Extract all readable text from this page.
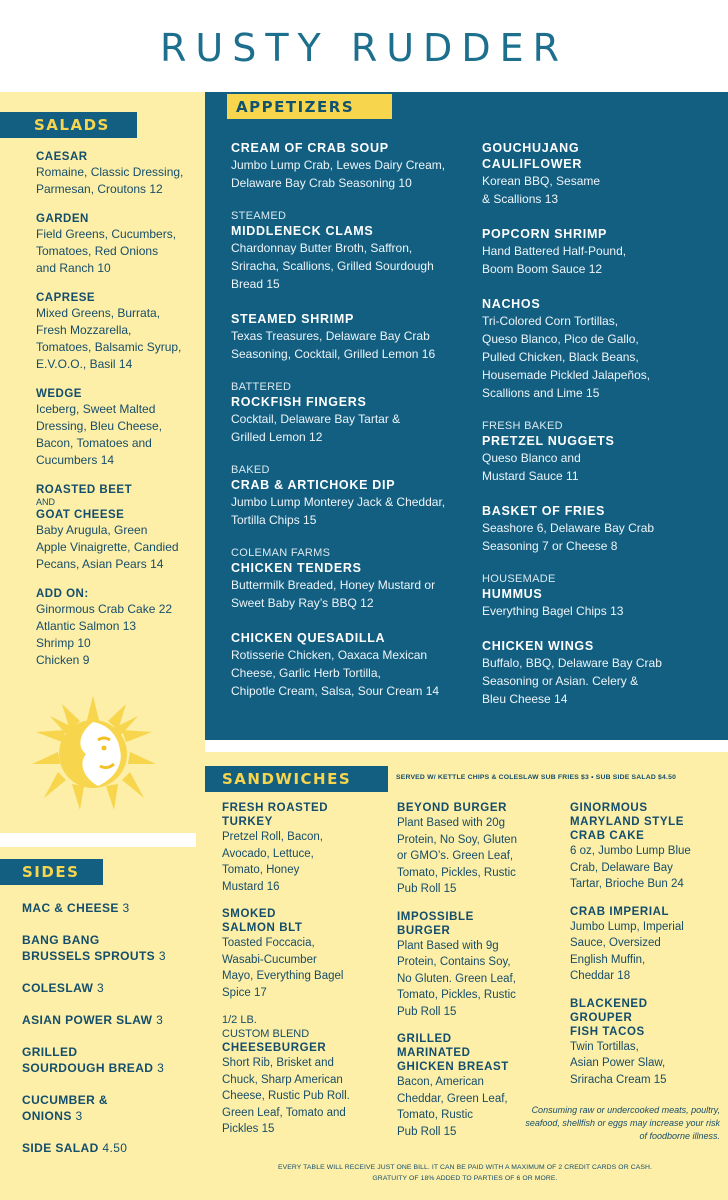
RUSTY RUDDER
SALADS
CAESAR
Romaine, Classic Dressing,
Parmesan, Croutons 12
GARDEN
Field Greens, Cucumbers,
Tomatoes, Red Onions
and Ranch 10
CAPRESE
Mixed Greens, Burrata,
Fresh Mozzarella,
Tomatoes, Balsamic Syrup,
E.V.O.O., Basil 14
WEDGE
Iceberg, Sweet Malted
Dressing, Bleu Cheese,
Bacon, Tomatoes and
Cucumbers 14
ROASTED BEET
AND
GOAT CHEESE
Baby Arugula, Green
Apple Vinaigrette, Candied
Pecans, Asian Pears 14
ADD ON:
Ginormous Crab Cake 22
Atlantic Salmon 13
Shrimp 10
Chicken 9
SIDES
MAC & CHEESE 3
BANG BANG
BRUSSELS SPROUTS 3
COLESLAW 3
ASIAN POWER SLAW 3
GRILLED
SOURDOUGH BREAD 3
CUCUMBER &
ONIONS 3
SIDE SALAD 4.50
APPETIZERS
CREAM OF CRAB SOUP
Jumbo Lump Crab, Lewes Dairy Cream,
Delaware Bay Crab Seasoning 10
STEAMED
MIDDLENECK CLAMS
Chardonnay Butter Broth, Saffron,
Sriracha, Scallions, Grilled Sourdough
Bread 15
STEAMED SHRIMP
Texas Treasures, Delaware Bay Crab
Seasoning, Cocktail, Grilled Lemon 16
BATTERED
ROCKFISH FINGERS
Cocktail, Delaware Bay Tartar &
Grilled Lemon 12
BAKED
CRAB & ARTICHOKE DIP
Jumbo Lump Monterey Jack & Cheddar,
Tortilla Chips 15
COLEMAN FARMS
CHICKEN TENDERS
Buttermilk Breaded, Honey Mustard or
Sweet Baby Ray’s BBQ 12
CHICKEN QUESADILLA
Rotisserie Chicken, Oaxaca Mexican
Cheese, Garlic Herb Tortilla,
Chipotle Cream, Salsa, Sour Cream 14
GOUCHUJANG
CAULIFLOWER
Korean BBQ, Sesame
& Scallions 13
POPCORN SHRIMP
Hand Battered Half-Pound,
Boom Boom Sauce 12
NACHOS
Tri-Colored Corn Tortillas,
Queso Blanco, Pico de Gallo,
Pulled Chicken, Black Beans,
Housemade Pickled Jalapeños,
Scallions and Lime 15
FRESH BAKED
PRETZEL NUGGETS
Queso Blanco and
Mustard Sauce 11
BASKET OF FRIES
Seashore 6, Delaware Bay Crab
Seasoning 7 or Cheese 8
HOUSEMADE
HUMMUS
Everything Bagel Chips 13
CHICKEN WINGS
Buffalo, BBQ, Delaware Bay Crab
Seasoning or Asian. Celery &
Bleu Cheese 14
SANDWICHES	SERVED W/ KETTLE CHIPS & COLESLAW SUB FRIES $3 • SUB SIDE SALAD $4.50
FRESH ROASTED
TURKEY
Pretzel Roll, Bacon,
Avocado, Lettuce,
Tomato, Honey
Mustard 16
SMOKED
SALMON BLT
Toasted Foccacia,
Wasabi-Cucumber
Mayo, Everything Bagel
Spice 17
1/2 LB.
CUSTOM BLEND
CHEESEBURGER
Short Rib, Brisket and
Chuck, Sharp American
Cheese, Rustic Pub Roll.
Green Leaf, Tomato and
Pickles 15
BEYOND BURGER
Plant Based with 20g
Protein, No Soy, Gluten
or GMO’s. Green Leaf,
Tomato, Pickles, Rustic
Pub Roll 15
IMPOSSIBLE
BURGER
Plant Based with 9g
Protein, Contains Soy,
No Gluten. Green Leaf,
Tomato, Pickles, Rustic
Pub Roll 15
GRILLED
MARINATED
GHICKEN BREAST
Bacon, American
Cheddar, Green Leaf,
Tomato, Rustic
Pub Roll 15
GINORMOUS
MARYLAND STYLE
CRAB CAKE
6 oz, Jumbo Lump Blue
Crab, Delaware Bay
Tartar, Brioche Bun 24
CRAB IMPERIAL
Jumbo Lump, Imperial
Sauce, Oversized
English Muffin,
Cheddar 18
BLACKENED
GROUPER
FISH TACOS
Twin Tortillas,
Asian Power Slaw,
Sriracha Cream 15
Consuming raw or undercooked meats, poultry, seafood, shellfish or eggs may increase your risk of foodborne illness.
EVERY TABLE WILL RECEIVE JUST ONE BILL. IT CAN BE PAID WITH A MAXIMUM OF 2 CREDIT CARDS OR CASH.
GRATUITY OF 18% ADDED TO PARTIES OF 6 OR MORE.
